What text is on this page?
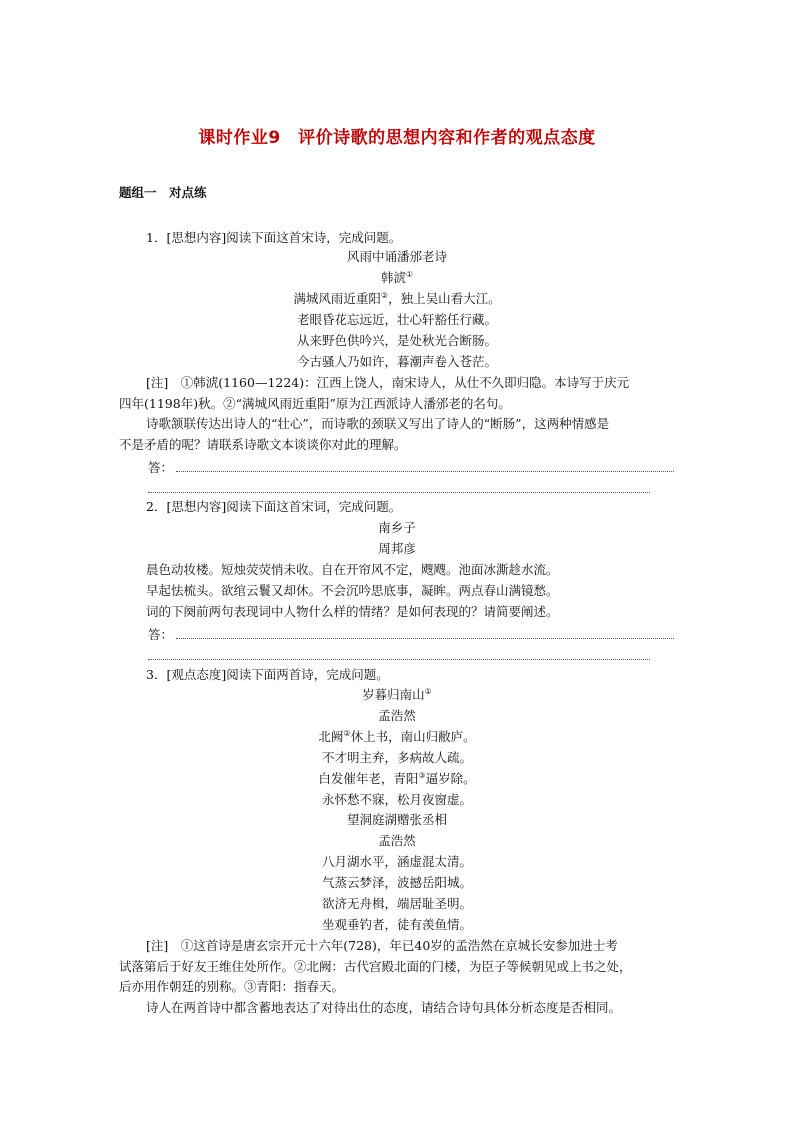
课时作业9　评价诗歌的思想内容和作者的观点态度
题组一　对点练
1．[思想内容]阅读下面这首宋诗，完成问题。
风雨中诵潘邠老诗
韩淲①
满城风雨近重阳②，独上吴山看大江。
老眼昏花忘远近，壮心轩豁任行藏。
从来野色供吟兴，是处秋光合断肠。
今古骚人乃如许，暮潮声卷入苍茫。
[注]　①韩淲(1160—1224)：江西上饶人，南宋诗人，从仕不久即归隐。本诗写于庆元
四年(1198年)秋。②“满城风雨近重阳”原为江西派诗人潘邠老的名句。
诗歌颔联传达出诗人的“壮心”，而诗歌的颈联又写出了诗人的“断肠”，这两种情感是
不是矛盾的呢？请联系诗歌文本谈谈你对此的理解。
答：
2．[思想内容]阅读下面这首宋词，完成问题。
南乡子
周邦彦
晨色动妆楼。短烛荧荧悄未收。自在开帘风不定，飕飕。池面冰澌趁水流。
早起怯梳头。欲绾云鬟又却休。不会沉吟思底事，凝眸。两点春山满镜愁。
词的下阕前两句表现词中人物什么样的情绪？是如何表现的？请简要阐述。
答：
3．[观点态度]阅读下面两首诗，完成问题。
岁暮归南山①
孟浩然
北阙②休上书，南山归敝庐。
不才明主弃，多病故人疏。
白发催年老，青阳③逼岁除。
永怀愁不寐，松月夜窗虚。
望洞庭湖赠张丞相
孟浩然
八月湖水平，涵虚混太清。
气蒸云梦泽，波撼岳阳城。
欲济无舟楫，端居耻圣明。
坐观垂钓者，徒有羡鱼情。
[注]　①这首诗是唐玄宗开元十六年(728)，年已40岁的孟浩然在京城长安参加进士考
试落第后于好友王维住处所作。②北阙：古代宫殿北面的门楼，为臣子等候朝见或上书之处，
后亦用作朝廷的别称。③青阳：指春天。
诗人在两首诗中都含蓄地表达了对待出仕的态度，请结合诗句具体分析态度是否相同。
